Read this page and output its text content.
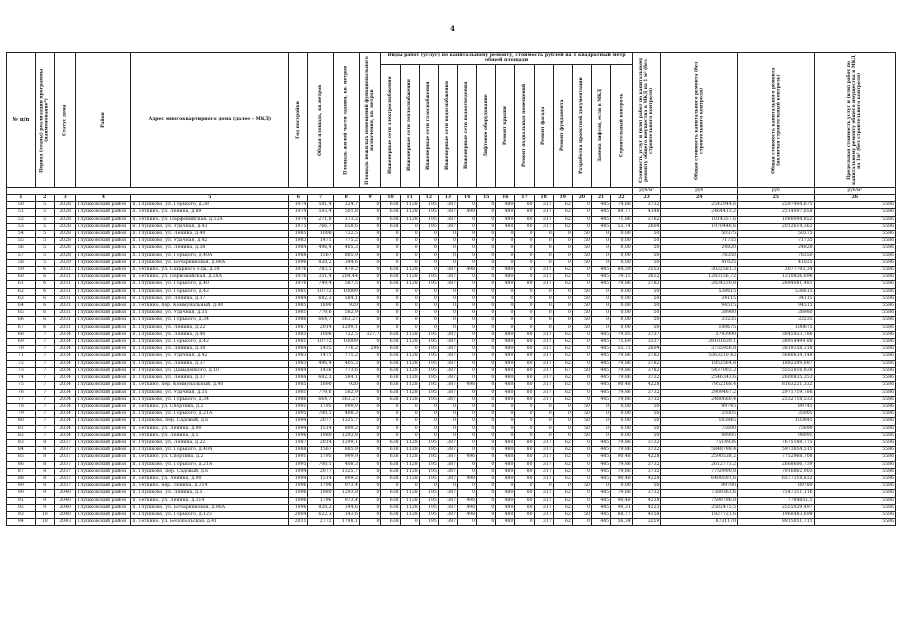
4
№ п/п	Период (этапы) реализации программы (наименование*)	Статус дома	Район	Адрес многоквартирного дома (далее – МКД)	Год постройки	Общая площадь, кв.метров	Площадь жилой части здания, кв. метров	Площадь нежилых помещений функционального назначения, кв. метров	Виды работ (услуг) по капитальному ремонту, стоимость рублей на 1 квадратный метр общей площади													Стоимость услуг и (или) работ по капитальному ремонту общего имущества в МКД на 1 м² (без строительного контроля)	Общая стоимость капитального ремонта (без строительного контроля)	Общая стоимость капитального ремонта (включая строительный контроль)	Предельная стоимость услуг и (или) работ по капитальному ремонту общего имущества в МКД на 1м² (без строительного контроля)
									Инженерные сети электроснабжения	Инженерные сети теплоснабжения	Инженерные сети газоснабжения	Инженерные сети водоснабжения	Инженерные сети водоотведения	Лифтовое оборудование	Ремонт крыши	Ремонт подвальных помещений	Ремонт фасада	Ремонт фундамента	Разработка проектной документации	Замена лифтов, если в МКД	Строительный контроль				
																						руб/м²	руб	руб	руб/м²
1	2	3	4	5	6	7	8	9	10	11	12	13	14	15	16	17	18	19	20	21	22	23	24	25	26
50	5	2028	Глушковский район	п. Глушково, ул. Горького, д.38	1974	581,4	324,7	0	638	1128	195	387	0	0	480	80	317	62	0	445	74,86	3732	2542944,6	2597404,675	5586
51	5	2028	Глушковский район	п. Теткино, ул. Ленина, д.89	1974	593,4	501,8	0	638	1128	195	387	498	0	480	80	317	62	0	445	89,77	4348	2464413,2	2514097,658	5586
52	5	2028	Глушковский район	п. Теткино, ул. Парфенийская, д.52А	1974	271,8	173,2	0	638	1128	195	387	0	0	480	80	317	62	0	445	71,86	3762	1014357,6	1080094,852	5586
53	5	2028	Глушковский район	п. Глушково, ул. Удачная, д.43	1975	766,7	658,6	0	638	0	195	387	0	0	480	80	317	62	0	445	55,74	2604	1970446,6	2012614,362	5586
54	5	2028	Глушковский район	п. Глушково, ул. Ленина, д.40	1985	1008	722,5	0	0	0	0	0	0	0	0	0	0	0	50	0	0,00	50	50375	50375	5586
55	5	2028	Глушковский район	п. Глушково, ул. Удачная, д.42	1983	1471	775,2	0	0	0	0	0	0	0	0	0	0	0	50	0	0,00	50	71735	71735	5586
56	5	2028	Глушковский район	п. Глушково, ул. Ленина, д.38	1984	496,4	405,3	0	0	0	0	0	0	0	0	0	0	0	50	0	0,00	50	24820	24820	5586
57	5	2028	Глушковский район	п. Глушково, ул. Горького, д.40А	1988	1567	885,9	0	0	0	0	0	0	0	0	0	0	0	50	0	0,00	50	78350	78350	5586
58	5	2029	Глушковский район	п. Глушково, ул. Бочарниковая, д.86А	1996	820,2	344,6	0	0	0	0	0	0	0	0	0	0	0	50	0	0,00	50	41025	41025	5586
59	6	2031	Глушковский район	п. Теткино, ул. Сахарного з-да, д.39	1976	783,1	479,2	0	638	1128	0	387	498	0	480	0	317	62	0	445	84,59	3553	3022581,3	3077793,34	5586
60	6	2031	Глушковский район	п. Теткино, ул. Первомайская, д.28А	1976	351,4	204,44	0	638	1128	195	387	0	0	480	0	317	62	0	445	79,15	3652	1283156,72	1310826,696	5586
61	6	2031	Глушковский район	п. Глушково, ул. Горького, д.40	1976	749,4	587,5	0	638	1128	195	387	0	0	480	80	317	62	0	445	79,86	3782	2834230,8	2894081,481	5586
62	6	2031	Глушковский район	п. Глушково, ул. Горького, д.42	1981	10772	10089	0	0	0	0	0	0	0	0	0	0	0	50	0	0,00	50	538615	538615	5586
63	6	2031	Глушковский район	п. Глушково, ул. Ленина, д.37	1984	682,3	584,1	0	0	0	0	0	0	0	0	0	0	0	50	0	0,00	50	34115	34115	5586
64	6	2031	Глушковский район	п. Теткино, пер. Коммунальный, д.40	1985	1890	920	0	0	0	0	0	0	0	0	0	0	0	50	0	0,00	50	94515	94515	5586
65	6	2031	Глушковский район	п. Глушково, ул. Удачная, д.35	1981	779,6	582,9	0	0	0	0	0	0	0	0	0	0	0	50	0	0,00	50	38980	38980	5586
66	6	2031	Глушковский район	п. Глушково, ул. Горького, д.34	1986	664,7	363,27	0	0	0	0	0	0	0	0	0	0	0	50	0	0,00	50	33235	33235	5586
67	6	2031	Глушковский район	п. Глушково, ул. Ленина, д.22	1987	2014	1299,1	0	0	0	0	0	0	0	0	0	0	0	50	0	0,00	50	100675	100675	5586
68	7	2034	Глушковский район	п. Глушково, ул. Ленина, д.40	1985	1008	722,5	327,7	638	1128	195	387	0	0	480	80	317	62	0	445	79,85	3737	3793990	3845453,786	5586
69	7	2034	Глушковский район	п. Глушково, ул. Горького, д.42	1981	10772	10089	0	638	1128	195	387	0	0	480	80	317	62	0	445	75,69	3537	38101630,1	38914499,88	5586
70	7	2034	Глушковский район	п. Глушково, ул. Ленина, д.38	1984	1435	776,2	296	638	0	195	387	0	0	480	80	317	62	0	445	55,73	2604	3735956,8	3819358,318	5586
71	7	2034	Глушковский район	п. Глушково, ул. Удачная, д.42	1983	1471	775,2	0	638	1128	195	387	0	0	480	80	317	62	0	445	79,86	3782	5563210,42	5680634,148	5586
72	7	2034	Глушковский район	п. Глушково, ул. Ленина, д.37	1983	496,4	405,3	0	638	1128	195	387	0	0	480	80	317	62	0	445	79,86	3782	1852564,8	1892209,687	5586
73	7	2034	Глушковский район	п. Глушково, ул. Давыденкого, д.10	1984	1438	773,6	0	638	1128	195	387	0	0	480	80	317	67	50	445	79,86	3782	5437003,2	5551816,838	5586
74	7	2034	Глушковский район	п. Глушково, ул. Ленина, д.37	1984	682,3	584,1	0	638	1128	195	387	0	0	480	80	317	62	0	445	79,86	3732	2546343,6	2600835,353	5586
75	7	2034	Глушковский район	п. Теткино, пер. Коммунальный, д.40	1985	1890	920	0	638	1128	195	387	498	0	480	80	317	62	0	445	90,48	4228	7952168,4	8163221,332	5586
76	7	2034	Глушковский район	п. Глушково, ул. Удачная, д.35	1981	779,6	582,9	0	638	1128	195	387	0	0	480	80	317	62	0	445	79,86	3732	2909467,2	2971719,786	5586
77	7	2034	Глушковский район	п. Глушково, ул. Горького, д.34	1986	664,7	363,27	0	638	1128	195	387	0	0	480	80	317	62	0	445	79,86	3732	2480660,4	2532718,533	5586
78	7	2034	Глушковский район	п. Теткино, ул. Спортива, д.2	1991	1795	999,9	0	0	0	0	0	0	0	0	0	0	0	50	0	0,00	50	89745	89745	5586
79	7	2034	Глушковский район	п. Глушково, ул. Горького, д.21А	1995	700,1	408,3	0	0	0	0	0	0	0	0	0	0	0	50	0	0,00	50	35005	35005	5586
80	7	2034	Глушковский район	п. Глушково, пер. Садовый, д.6	1994	2077	1325,7	0	0	0	0	0	0	0	0	0	0	0	50	0	0,00	50	103845	103845	5586
81	7	2034	Глушковский район	п. Теткино, ул. Ленина, д.90	1994	1514	899,2	0	0	0	0	0	0	0	0	0	0	0	50	0	0,00	50	75690	75690	5586
82	7	2034	Глушковский район	п. Теткино, ул. Ленина, д.5	1996	1980	1293,8	0	0	0	0	0	0	0	0	0	0	0	50	0	0,00	50	98995	98995	5586
83	8	2037	Глушковский район	п. Глушково, ул. Ленина, д.22	1987	2014	1299,1	0	638	1128	195	387	0	0	480	80	317	62	0	445	79,86	3732	7514936	7675188,775	5586
84	8	2037	Глушковский район	п. Глушково, ул. Горького, д.40А	1988	1567	885,9	0	638	1128	195	387	0	0	480	80	317	62	0	445	79,86	3732	5848798,4	5973854,515	5586
85	8	2037	Глушковский район	п. Теткино, ул. Спортива, д.2	1991	1795	999,9	0	638	1128	195	387	496	0	480	80	317	62	0	445	90,48	4228	2590538,2	7752968,708	5586
86	8	2037	Глушковский район	п. Глушково, ул. Горького, д.21А	1995	700,1	408,3	0	638	1128	195	387	0	0	480	80	317	62	0	445	79,86	3732	2612773,2	2668606,739	5586
87	8	2037	Глушковский район	п. Глушково, пер. Садовый, д.6	1994	2077	1325,7	0	638	1128	195	387	0	0	480	80	317	62	0	445	79,86	3732	7750990,8	7916862,003	5586
88	8	2037	Глушковский район	п. Теткино, ул. Ленина, д.90	1994	1514	899,2	0	638	1128	195	387	498	0	480	80	317	62	0	445	90,48	4228	6400591,6	6577318,832	5586
89	8	2037	Глушковский район	п. Теткино, пер. Ленина, д.314	1996	1798	973,4	0	0	0	0	0	0	0	0	0	0	0	50	0	0,00	50	89780	89780	5586
90	9	2040	Глушковский район	п. Глушково, ул. Ленина, д.5	1996	1980	1293,8	0	638	1128	195	387	0	0	480	80	317	62	0	445	79,86	3732	7389363,6	7547311,116	5586
91	9	2040	Глушковский район	п. Теткино, ул. Ленина, д.314	1996	1796	973,4	0	638	1128	195	387	498	0	480	80	317	62	0	445	90,48	4228	7590796,8	7784851,5	5586
92	9	2040	Глушковский район	п. Глушково, ул. Бочарниковая, д.86А	1996	820,2	344,6	0	638	1128	195	387	498	0	480	80	317	62	0	445	90,31	4223	2502475,5	2555029,497	5586
93	10	2040	Глушковский район	п. Глушково, ул. Горького, д.123	2004	622,3	143,6	0	638	1128	195	387	498	0	480	80	317	62	50	445	88,77	4158	1927721,6	1968483,698	5586
94	10	2043	Глушковский район	п. Теткино, ул. Белопольская, д.41	2011	2772	1798,1	0	638	0	195	387	0	0	480	0	317	62	0	445	56,34	3259	8731170	8915051,711	5586
